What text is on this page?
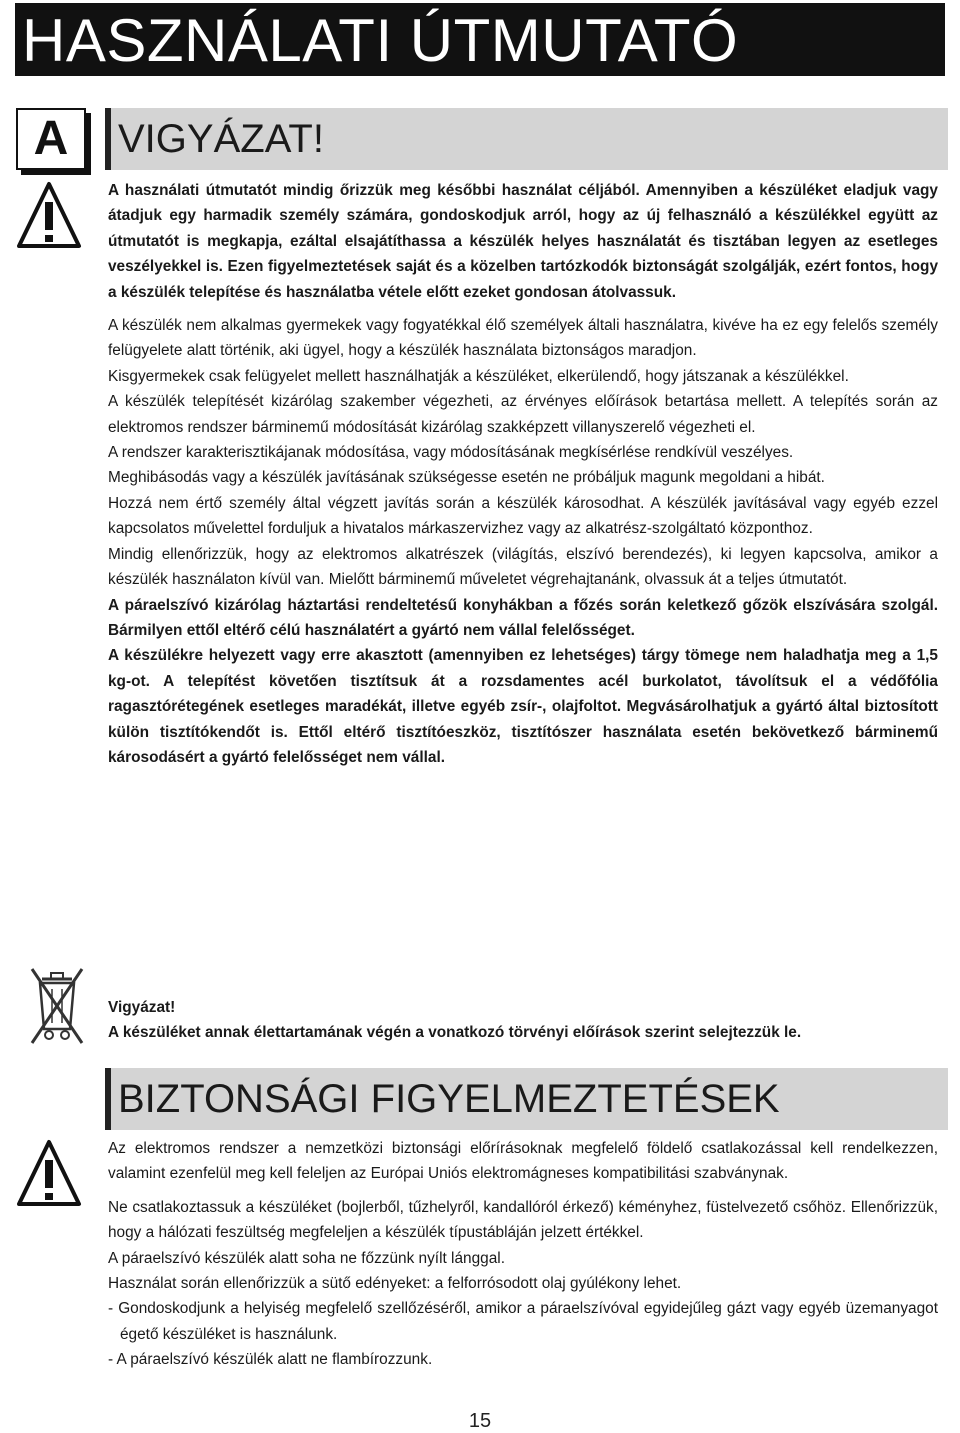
HASZNÁLATI ÚTMUTATÓ
A	VIGYÁZAT!

A használati útmutatót mindig őrizzük meg későbbi használat céljából. Amennyiben a készüléket eladjuk vagy átadjuk egy harmadik személy számára, gondoskodjuk arról, hogy az új felhasználó a készülékkel együtt az útmutatót is megkapja, ezáltal elsajátíthassa a készülék helyes használatát és tisztában legyen az esetleges veszélyekkel is. Ezen figyelmeztetések saját és a közelben tartózkodók biztonságát szolgálják, ezért fontos, hogy a készülék telepítése és használatba vétele előtt ezeket gondosan átolvassuk.

A készülék nem alkalmas gyermekek vagy fogyatékkal élő személyek általi használatra, kivéve ha ez egy felelős személy felügyelete alatt történik, aki ügyel, hogy a készülék használata biztonságos maradjon.

Kisgyermekek csak felügyelet mellett használhatják a készüléket, elkerülendő, hogy játszanak a készülékkel.

A készülék telepítését kizárólag szakember végezheti, az érvényes előírások betartása mellett. A telepítés során az elektromos rendszer bárminemű módosítását kizárólag szakképzett villanyszerelő végezheti el.

A rendszer karakterisztikájanak módosítása, vagy módosításának megkísérlése rendkívül veszélyes.

Meghibásodás vagy a készülék javításának szükségesse esetén ne próbáljuk magunk megoldani a hibát.

Hozzá nem értő személy által végzett javítás során a készülék károsodhat. A készülék javításával vagy egyéb ezzel kapcsolatos művelettel forduljuk a hivatalos márkaszervizhez vagy az alkatrész-szolgáltató központhoz.

Mindig ellenőrizzük, hogy az elektromos alkatrészek (világítás, elszívó berendezés), ki legyen kapcsolva, amikor a készülék használaton kívül van. Mielőtt bárminemű műveletet végrehajtanánk, olvassuk át a teljes útmutatót.

A páraelszívó kizárólag háztartási rendeltetésű konyhákban a főzés során keletkező gőzök elszívására szolgál. Bármilyen ettől eltérő célú használatért a gyártó nem vállal felelősséget.

A készülékre helyezett vagy erre akasztott (amennyiben ez lehetséges) tárgy tömege nem haladhatja meg a 1,5 kg-ot. A telepítést követően tisztítsuk át a rozsdamentes acél burkolatot, távolítsuk el a védőfólia ragasztórétegének esetleges maradékát, illetve egyéb zsír-, olajfoltot. Megvásárolhatjuk a gyártó által biztosított külön tisztítókendőt is. Ettől eltérő tisztítóeszköz, tisztítószer használata esetén bekövetkező bárminemű károsodásért a gyártó felelősséget nem vállal.

Vigyázat!

A készüléket annak élettartamának végén a vonatkozó törvényi előírások szerint selejtezzük le.

BIZTONSÁGI FIGYELMEZTETÉSEK

Az elektromos rendszer a nemzetközi biztonsági előrírásoknak megfelelő földelő csatlakozással kell rendelkezzen, valamint ezenfelül meg kell feleljen az Európai Uniós elektromágneses kompatibilitási szabványnak.

Ne csatlakoztassuk a készüléket (bojlerből, tűzhelyről, kandallóról érkező) kéményhez, füstelvezető csőhöz. Ellenőrizzük, hogy a hálózati feszültség megfeleljen a készülék típustábláján jelzett értékkel.

A páraelszívó készülék alatt soha ne főzzünk nyílt lánggal.

Használat során ellenőrizzük a sütő edényeket: a felforrósodott olaj gyúlékony lehet.

- Gondoskodjunk a helyiség megfelelő szellőzéséről, amikor a páraelszívóval egyidejűleg gázt vagy egyéb üzemanyagot égető készüléket is használunk.

- A páraelszívó készülék alatt ne flambírozzunk.

15
